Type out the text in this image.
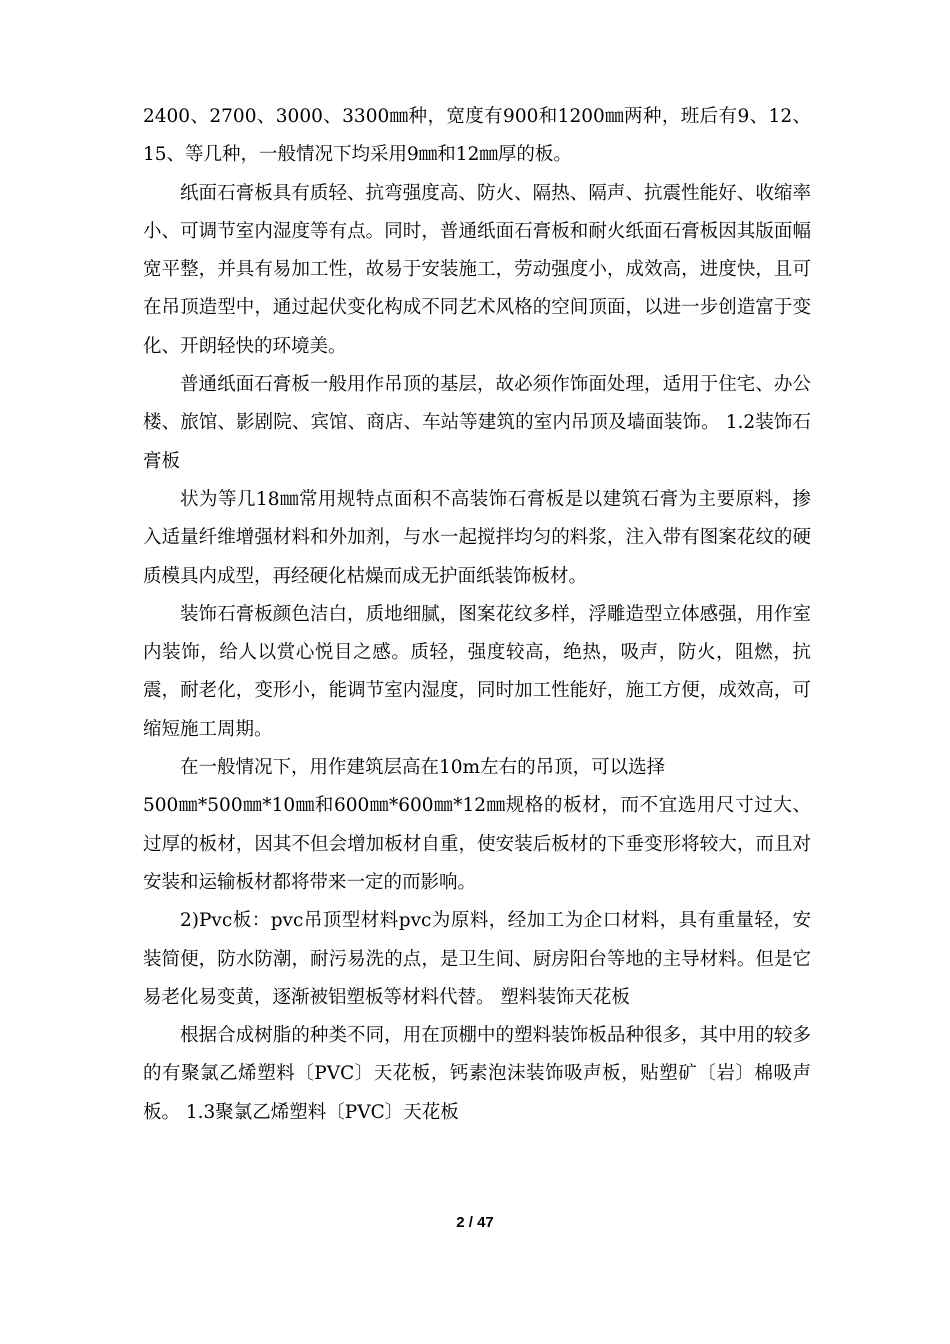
2400、2700、3000、3300㎜种，宽度有900和1200㎜两种，班后有9、12、15、等几种，一般情况下均采用9㎜和12㎜厚的板。

纸面石膏板具有质轻、抗弯强度高、防火、隔热、隔声、抗震性能好、收缩率小、可调节室内湿度等有点。同时，普通纸面石膏板和耐火纸面石膏板因其版面幅宽平整，并具有易加工性，故易于安装施工，劳动强度小，成效高，进度快，且可在吊顶造型中，通过起伏变化构成不同艺术风格的空间顶面，以进一步创造富于变化、开朗轻快的环境美。

普通纸面石膏板一般用作吊顶的基层，故必须作饰面处理，适用于住宅、办公楼、旅馆、影剧院、宾馆、商店、车站等建筑的室内吊顶及墙面装饰。 1.2装饰石膏板

状为等几18㎜常用规特点面积不高装饰石膏板是以建筑石膏为主要原料，掺入适量纤维增强材料和外加剂，与水一起搅拌均匀的料浆，注入带有图案花纹的硬质模具内成型，再经硬化枯燥而成无护面纸装饰板材。

装饰石膏板颜色洁白，质地细腻，图案花纹多样，浮雕造型立体感强，用作室内装饰，给人以赏心悦目之感。质轻，强度较高，绝热，吸声，防火，阻燃，抗震，耐老化，变形小，能调节室内湿度，同时加工性能好，施工方便，成效高，可缩短施工周期。

在一般情况下，用作建筑层高在10m左右的吊顶，可以选择

500㎜*500㎜*10㎜和600㎜*600㎜*12㎜规格的板材，而不宜选用尺寸过大、过厚的板材，因其不但会增加板材自重，使安装后板材的下垂变形将较大，而且对安装和运输板材都将带来一定的而影响。

2)Pvc板：pvc吊顶型材料pvc为原料，经加工为企口材料，具有重量轻，安装简便，防水防潮，耐污易洗的点，是卫生间、厨房阳台等地的主导材料。但是它易老化易变黄，逐渐被铝塑板等材料代替。 塑料装饰天花板

根据合成树脂的种类不同，用在顶棚中的塑料装饰板品种很多，其中用的较多的有聚氯乙烯塑料〔PVC〕天花板，钙素泡沫装饰吸声板，贴塑矿〔岩〕棉吸声板。 1.3聚氯乙烯塑料〔PVC〕天花板

2 / 47
